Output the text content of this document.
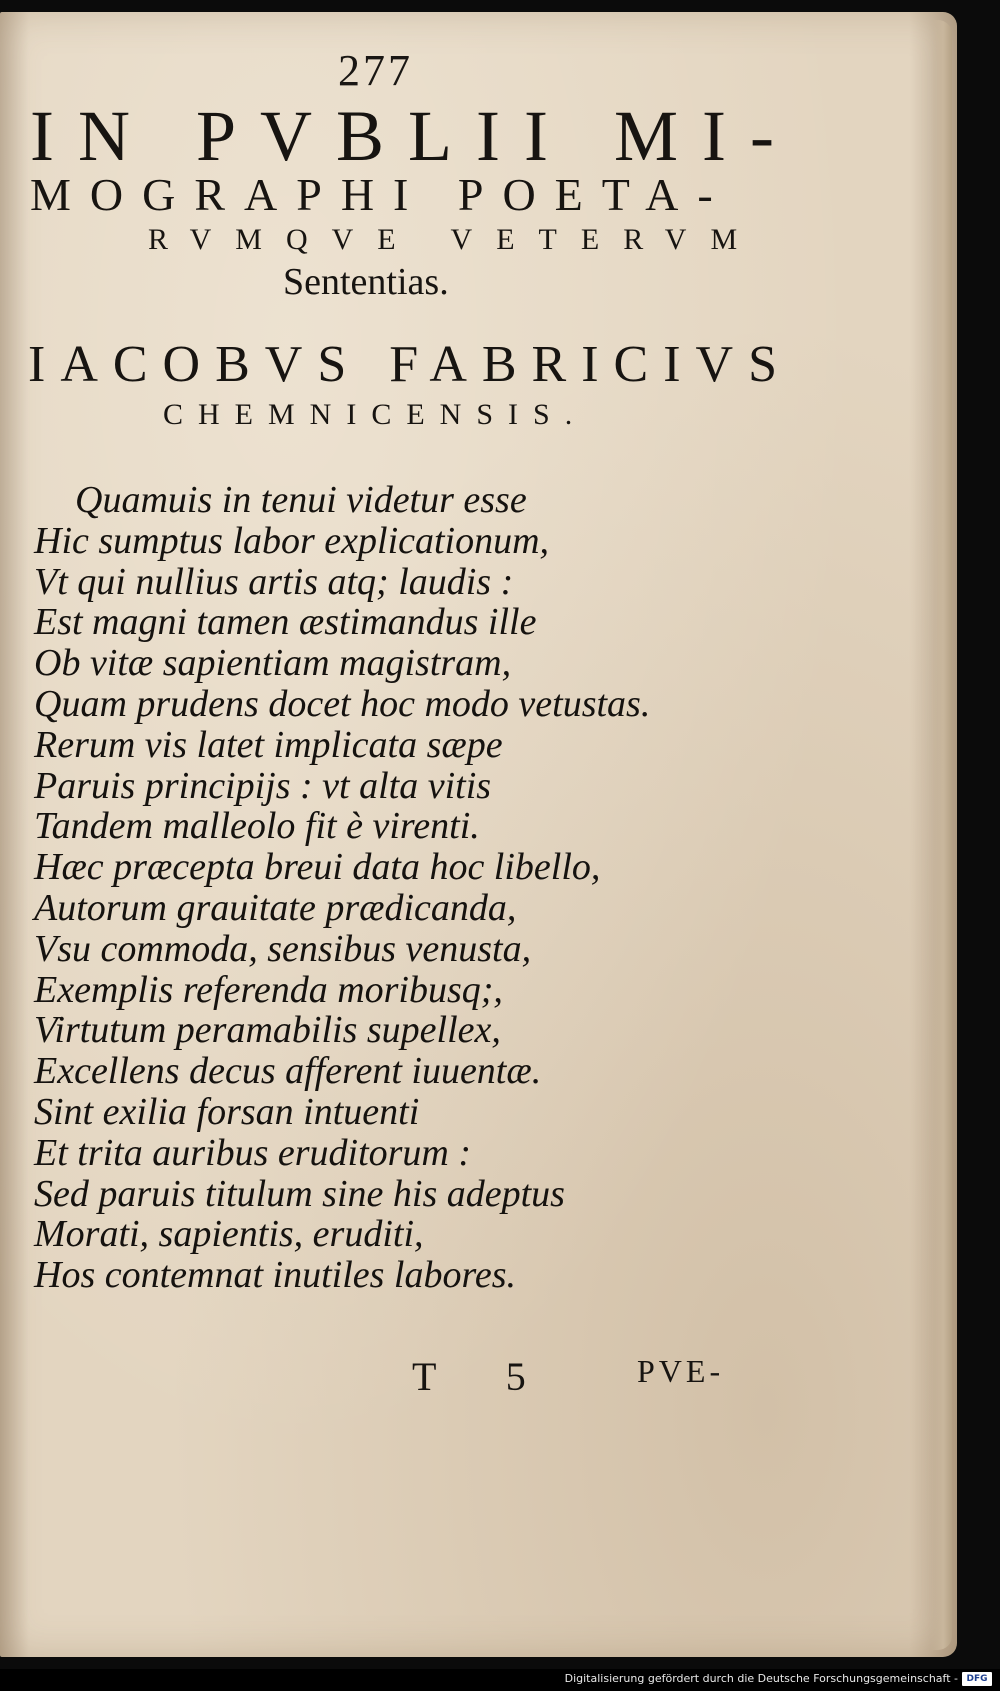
277
IN PVBLII MI-
MOGRAPHI POETA-
RVMQVE VETERVM
Sententias.
IACOBVS FABRICIVS
CHEMNICENSIS.
Quamuis in tenui videtur esse
Hic sumptus labor explicationum,
Vt qui nullius artis atq; laudis :
Est magni tamen æstimandus ille
Ob vitæ sapientiam magistram,
Quam prudens docet hoc modo vetustas.
Rerum vis latet implicata sæpe
Paruis principijs : vt alta vitis
Tandem malleolo fit è virenti.
Hæc præcepta breui data hoc libello,
Autorum grauitate prædicanda,
Vsu commoda, sensibus venusta,
Exemplis referenda moribusq;,
Virtutum peramabilis supellex,
Excellens decus afferent iuuentæ.
Sint exilia forsan intuenti
Et trita auribus eruditorum :
Sed paruis titulum sine his adeptus
Morati, sapientis, eruditi,
Hos contemnat inutiles labores.
T 5	PVE-
Digitalisierung gefördert durch die Deutsche Forschungsgemeinschaft - DFG
